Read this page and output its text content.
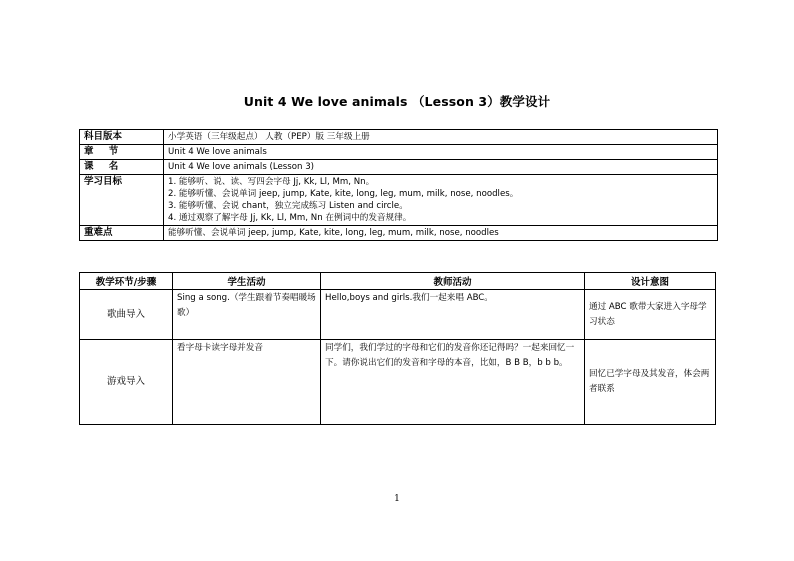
Unit 4 We love animals （Lesson 3）教学设计
科目版本	小学英语（三年级起点） 人教（PEP）版 三年级上册
章 节	Unit 4 We love animals
课 名	Unit 4 We love animals (Lesson 3)
学习目标	1. 能够听、说、读、写四会字母 Jj, Kk, Ll, Mm, Nn。
2. 能够听懂、会说单词 jeep, jump, Kate, kite, long, leg, mum, milk, nose, noodles。
3. 能够听懂、会说 chant，独立完成练习 Listen and circle。
4. 通过观察了解字母 Jj, Kk, Ll, Mm, Nn 在例词中的发音规律。

重难点	能够听懂、会说单词 jeep, jump, Kate, kite, long, leg, mum, milk, nose, noodles
教学环节/步骤	学生活动	教师活动	设计意图
歌曲导入	Sing a song.（学生跟着节奏唱暖场歌）	Hello,boys and girls.我们一起来唱 ABC。	通过 ABC 歌带大家进入字母学习状态
游戏导入	看字母卡读字母并发音	同学们，我们学过的字母和它们的发音你还记得吗？一起来回忆一下。请你说出它们的发音和字母的本音，比如，B B B，b b b。	回忆已学字母及其发音，体会两者联系
1
